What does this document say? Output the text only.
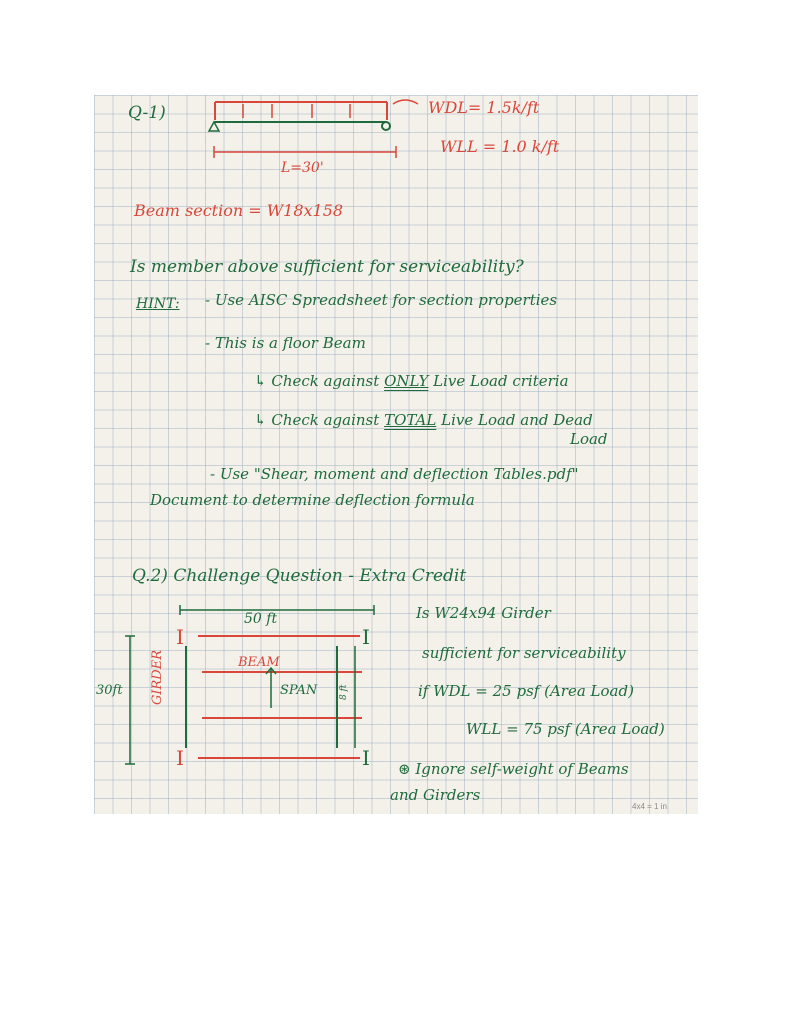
I
I
I
I
Q-1)	WDL= 1.5k/ft
WLL = 1.0 k/ft
L=30'
Beam section = W18x158
Is member above sufficient for serviceability?
HINT: - Use AISC Spreadsheet for section properties
- This is a floor Beam
↳ Check against ONLY Live Load criteria
↳ Check against TOTAL Live Load and Dead
Load
- Use "Shear, moment and deflection Tables.pdf"
Document to determine deflection formula
Q.2) Challenge Question - Extra Credit
50 ft
30ft GIRDER	BEAM
SPAN 8 ft
Is W24x94 Girder
sufficient for serviceability
if WDL = 25 psf (Area Load)
WLL = 75 psf (Area Load)
⊛ Ignore self-weight of Beams
and Girders
4x4 = 1 in
